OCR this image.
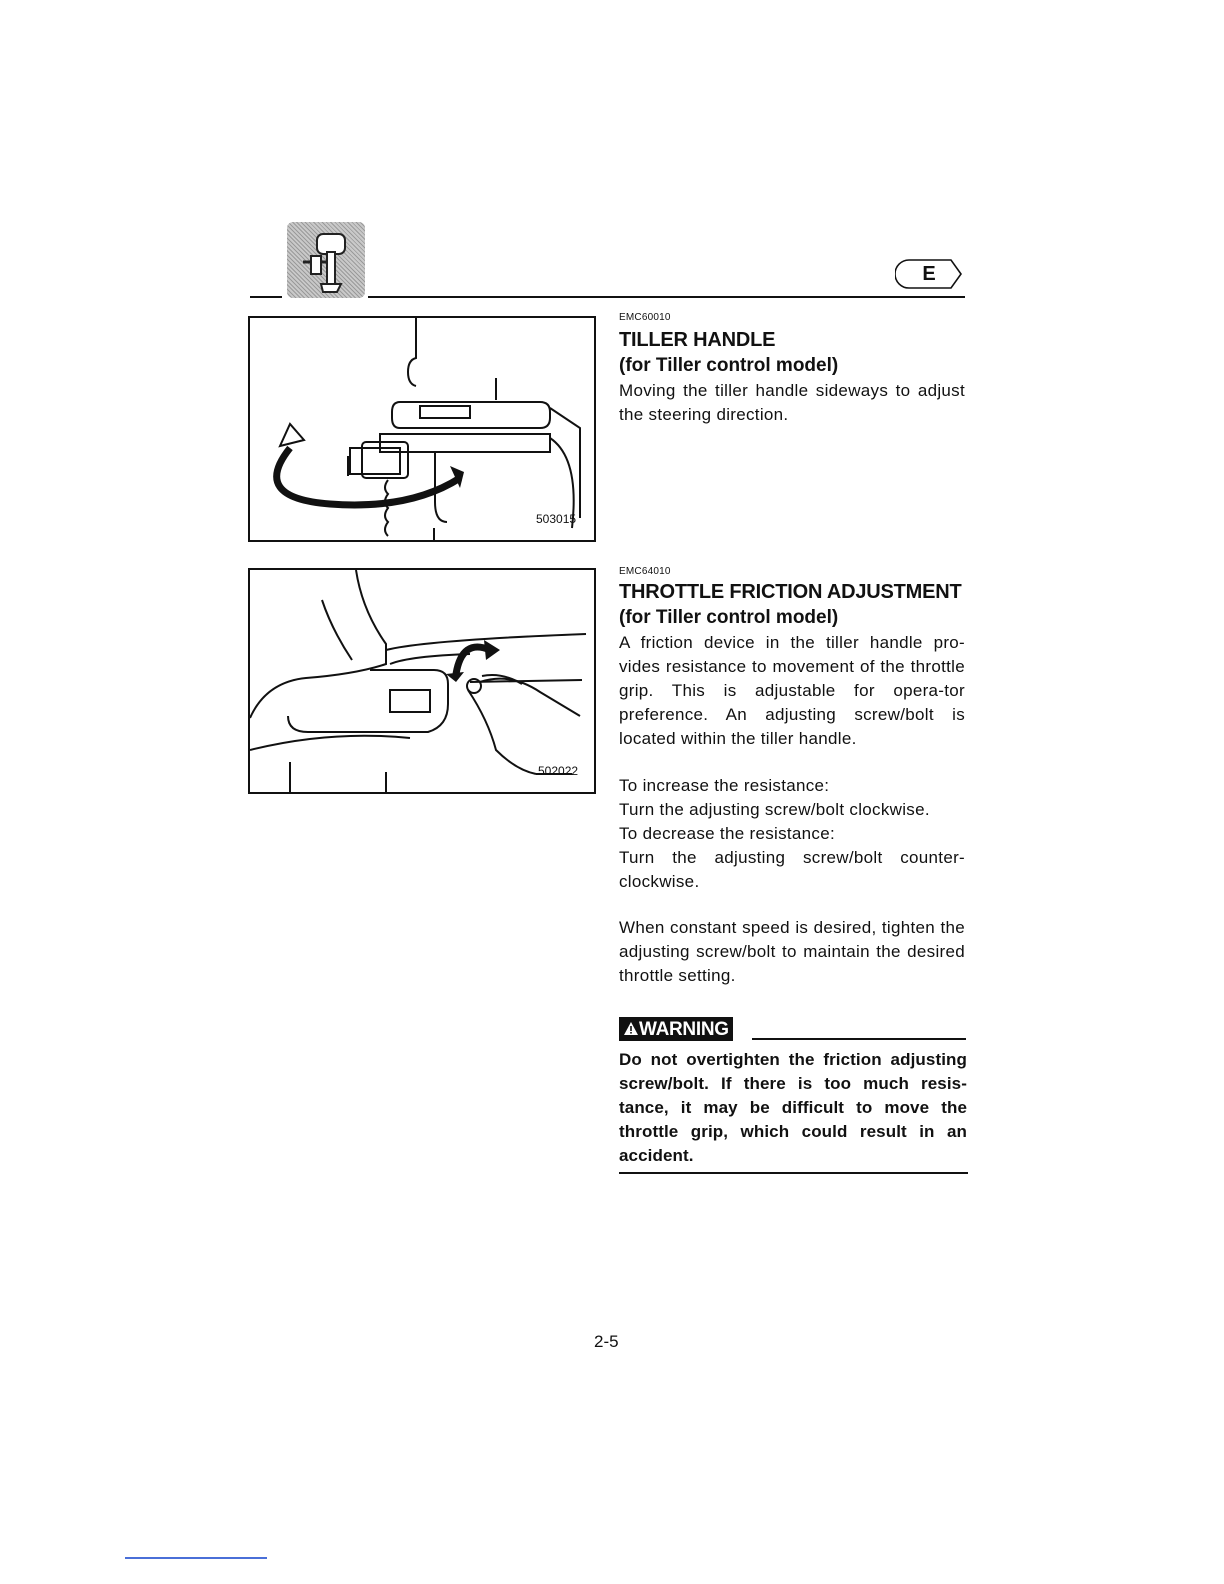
E
503015
502022
EMC60010
TILLER HANDLE
(for Tiller control model)
Moving the tiller handle sideways to adjust the steering direction.
EMC64010
THROTTLE FRICTION ADJUSTMENT
(for Tiller control model)
A friction device in the tiller handle pro-vides resistance to movement of the throttle grip. This is adjustable for opera-tor preference. An adjusting screw/bolt is located within the tiller handle.
To increase the resistance:
Turn the adjusting screw/bolt clockwise.
To decrease the resistance:
Turn the adjusting screw/bolt counter-clockwise.
When constant speed is desired, tighten the adjusting screw/bolt to maintain the desired throttle setting.
WARNING
Do not overtighten the friction adjusting screw/bolt. If there is too much resis-tance, it may be difficult to move the throttle grip, which could result in an accident.
2-5
